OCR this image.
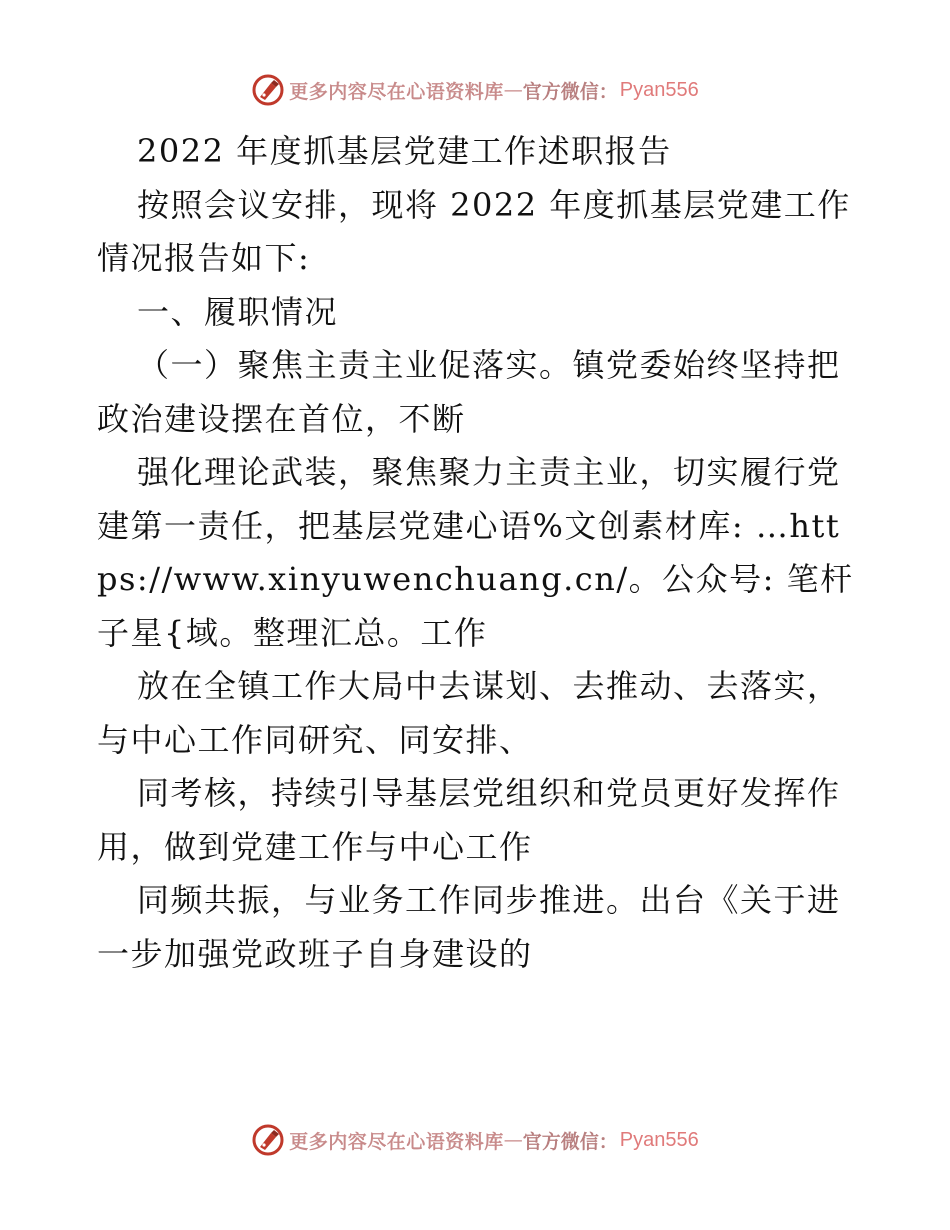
更多内容尽在心语资料库 — 官方微信： Pyan556

2022 年度抓基层党建工作述职报告

按照会议安排，现将 2022 年度抓基层党建工作情况报告如下:

一、履职情况

（一）聚焦主责主业促落实。镇党委始终坚持把政治建设摆在首位，不断

强化理论武装，聚焦聚力主责主业，切实履行党建第一责任，把基层党建心语%文创素材库: …https://www.xinyuwenchuang.cn/。公众号: 笔杆子星{域。整理汇总。工作

放在全镇工作大局中去谋划、去推动、去落实，与中心工作同研究、同安排、

同考核，持续引导基层党组织和党员更好发挥作用，做到党建工作与中心工作

同频共振，与业务工作同步推进。出台《关于进一步加强党政班子自身建设的

更多内容尽在心语资料库 — 官方微信： Pyan556
